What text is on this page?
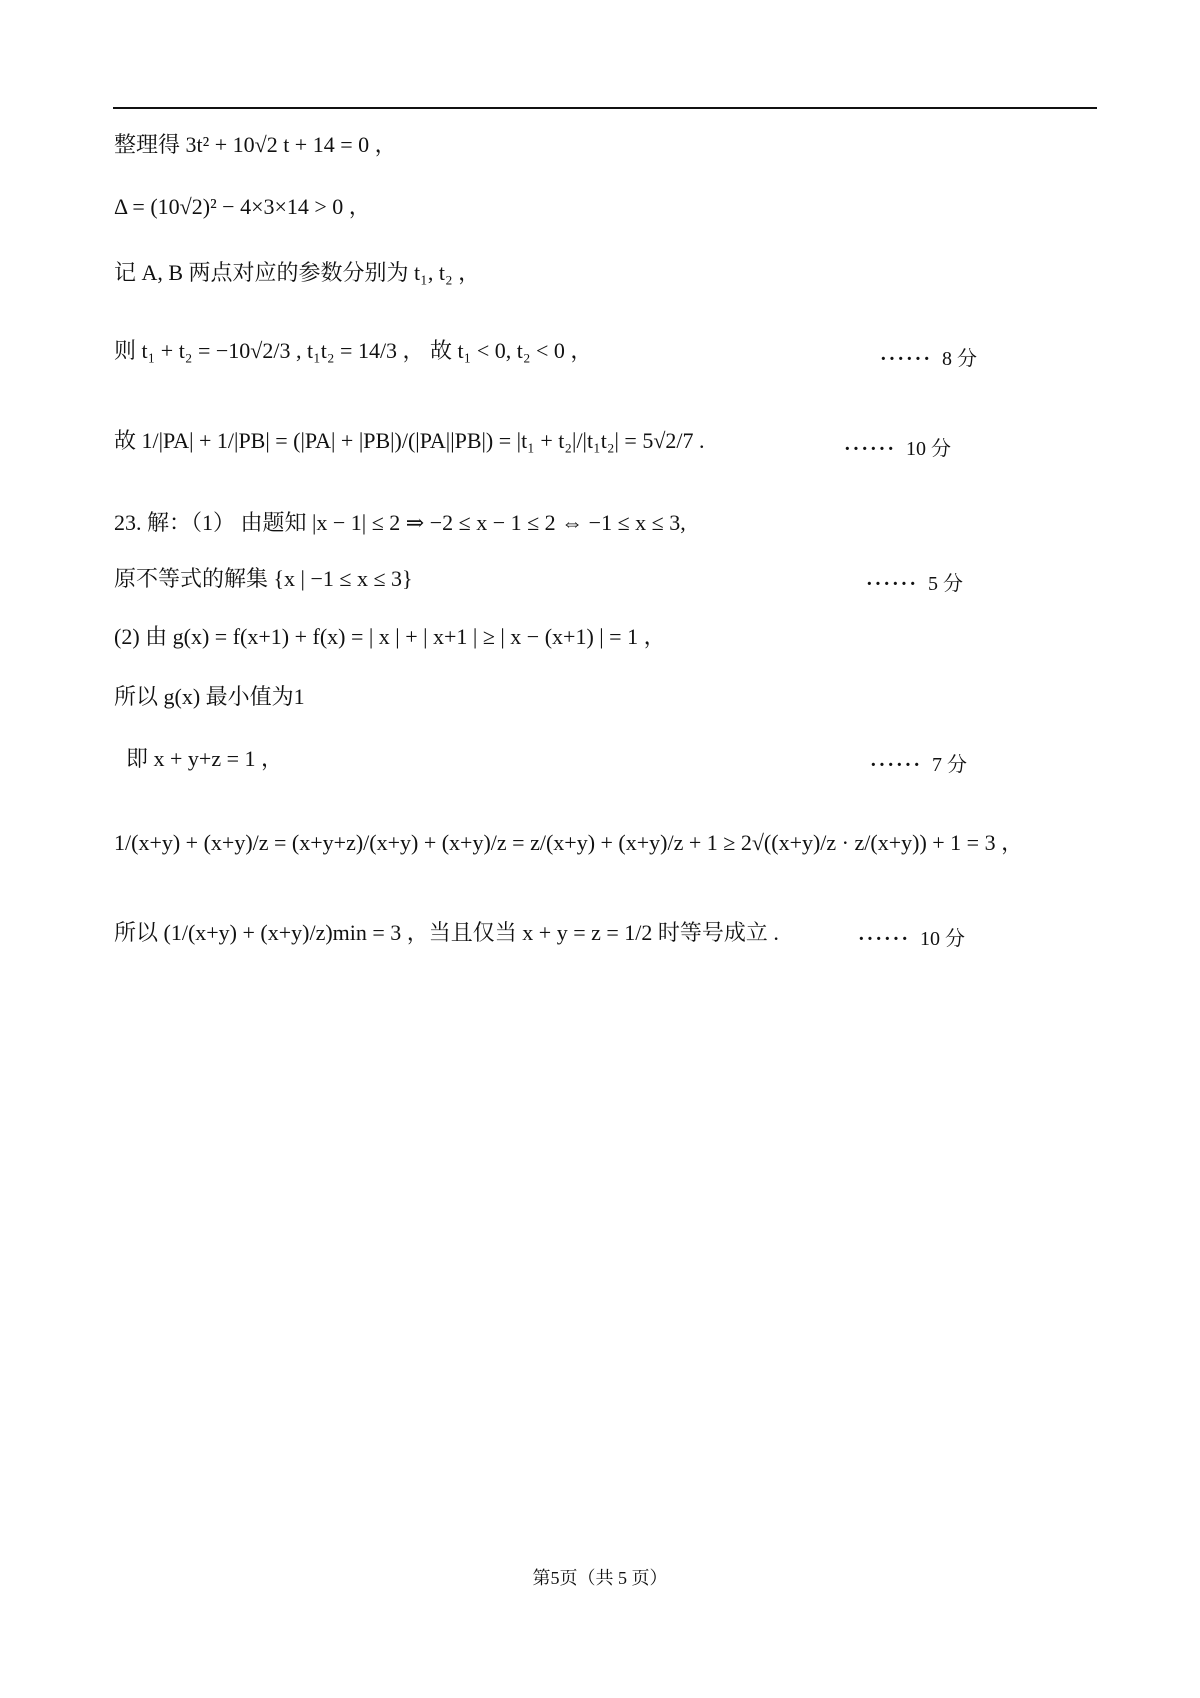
整理得 3t² + 10√2 t + 14 = 0 ，
Δ = (10√2)² − 4×3×14 > 0 ，
记 A, B 两点对应的参数分别为 t₁, t₂ ，
则 t₁ + t₂ = −10√2/3 , t₁t₂ = 14/3 ， 故 t₁ < 0, t₂ < 0 ，
故 1/|PA| + 1/|PB| = (|PA| + |PB|)/(|PA||PB|) = |t₁ + t₂|/|t₁t₂| = 5√2/7 .
23. 解：（1） 由题知 |x − 1| ≤ 2 ⇒ −2 ≤ x − 1 ≤ 2 ⇔ −1 ≤ x ≤ 3,
原不等式的解集 {x | −1 ≤ x ≤ 3}
(2) 由 g(x) = f(x+1) + f(x) = | x | + | x+1 | ≥ | x − (x+1) | = 1 ，
所以 g(x) 最小值为1
即 x + y+z = 1 ，
1/(x+y) + (x+y)/z = (x+y+z)/(x+y) + (x+y)/z = z/(x+y) + (x+y)/z + 1 ≥ 2√((x+y)/z · z/(x+y)) + 1 = 3 ，
所以 (1/(x+y) + (x+y)/z)min = 3 ，当且仅当 x + y = z = 1/2 时等号成立 .
······ 8 分
······ 10 分
······ 5 分
······ 7 分
······ 10 分
第5页（共 5 页）
